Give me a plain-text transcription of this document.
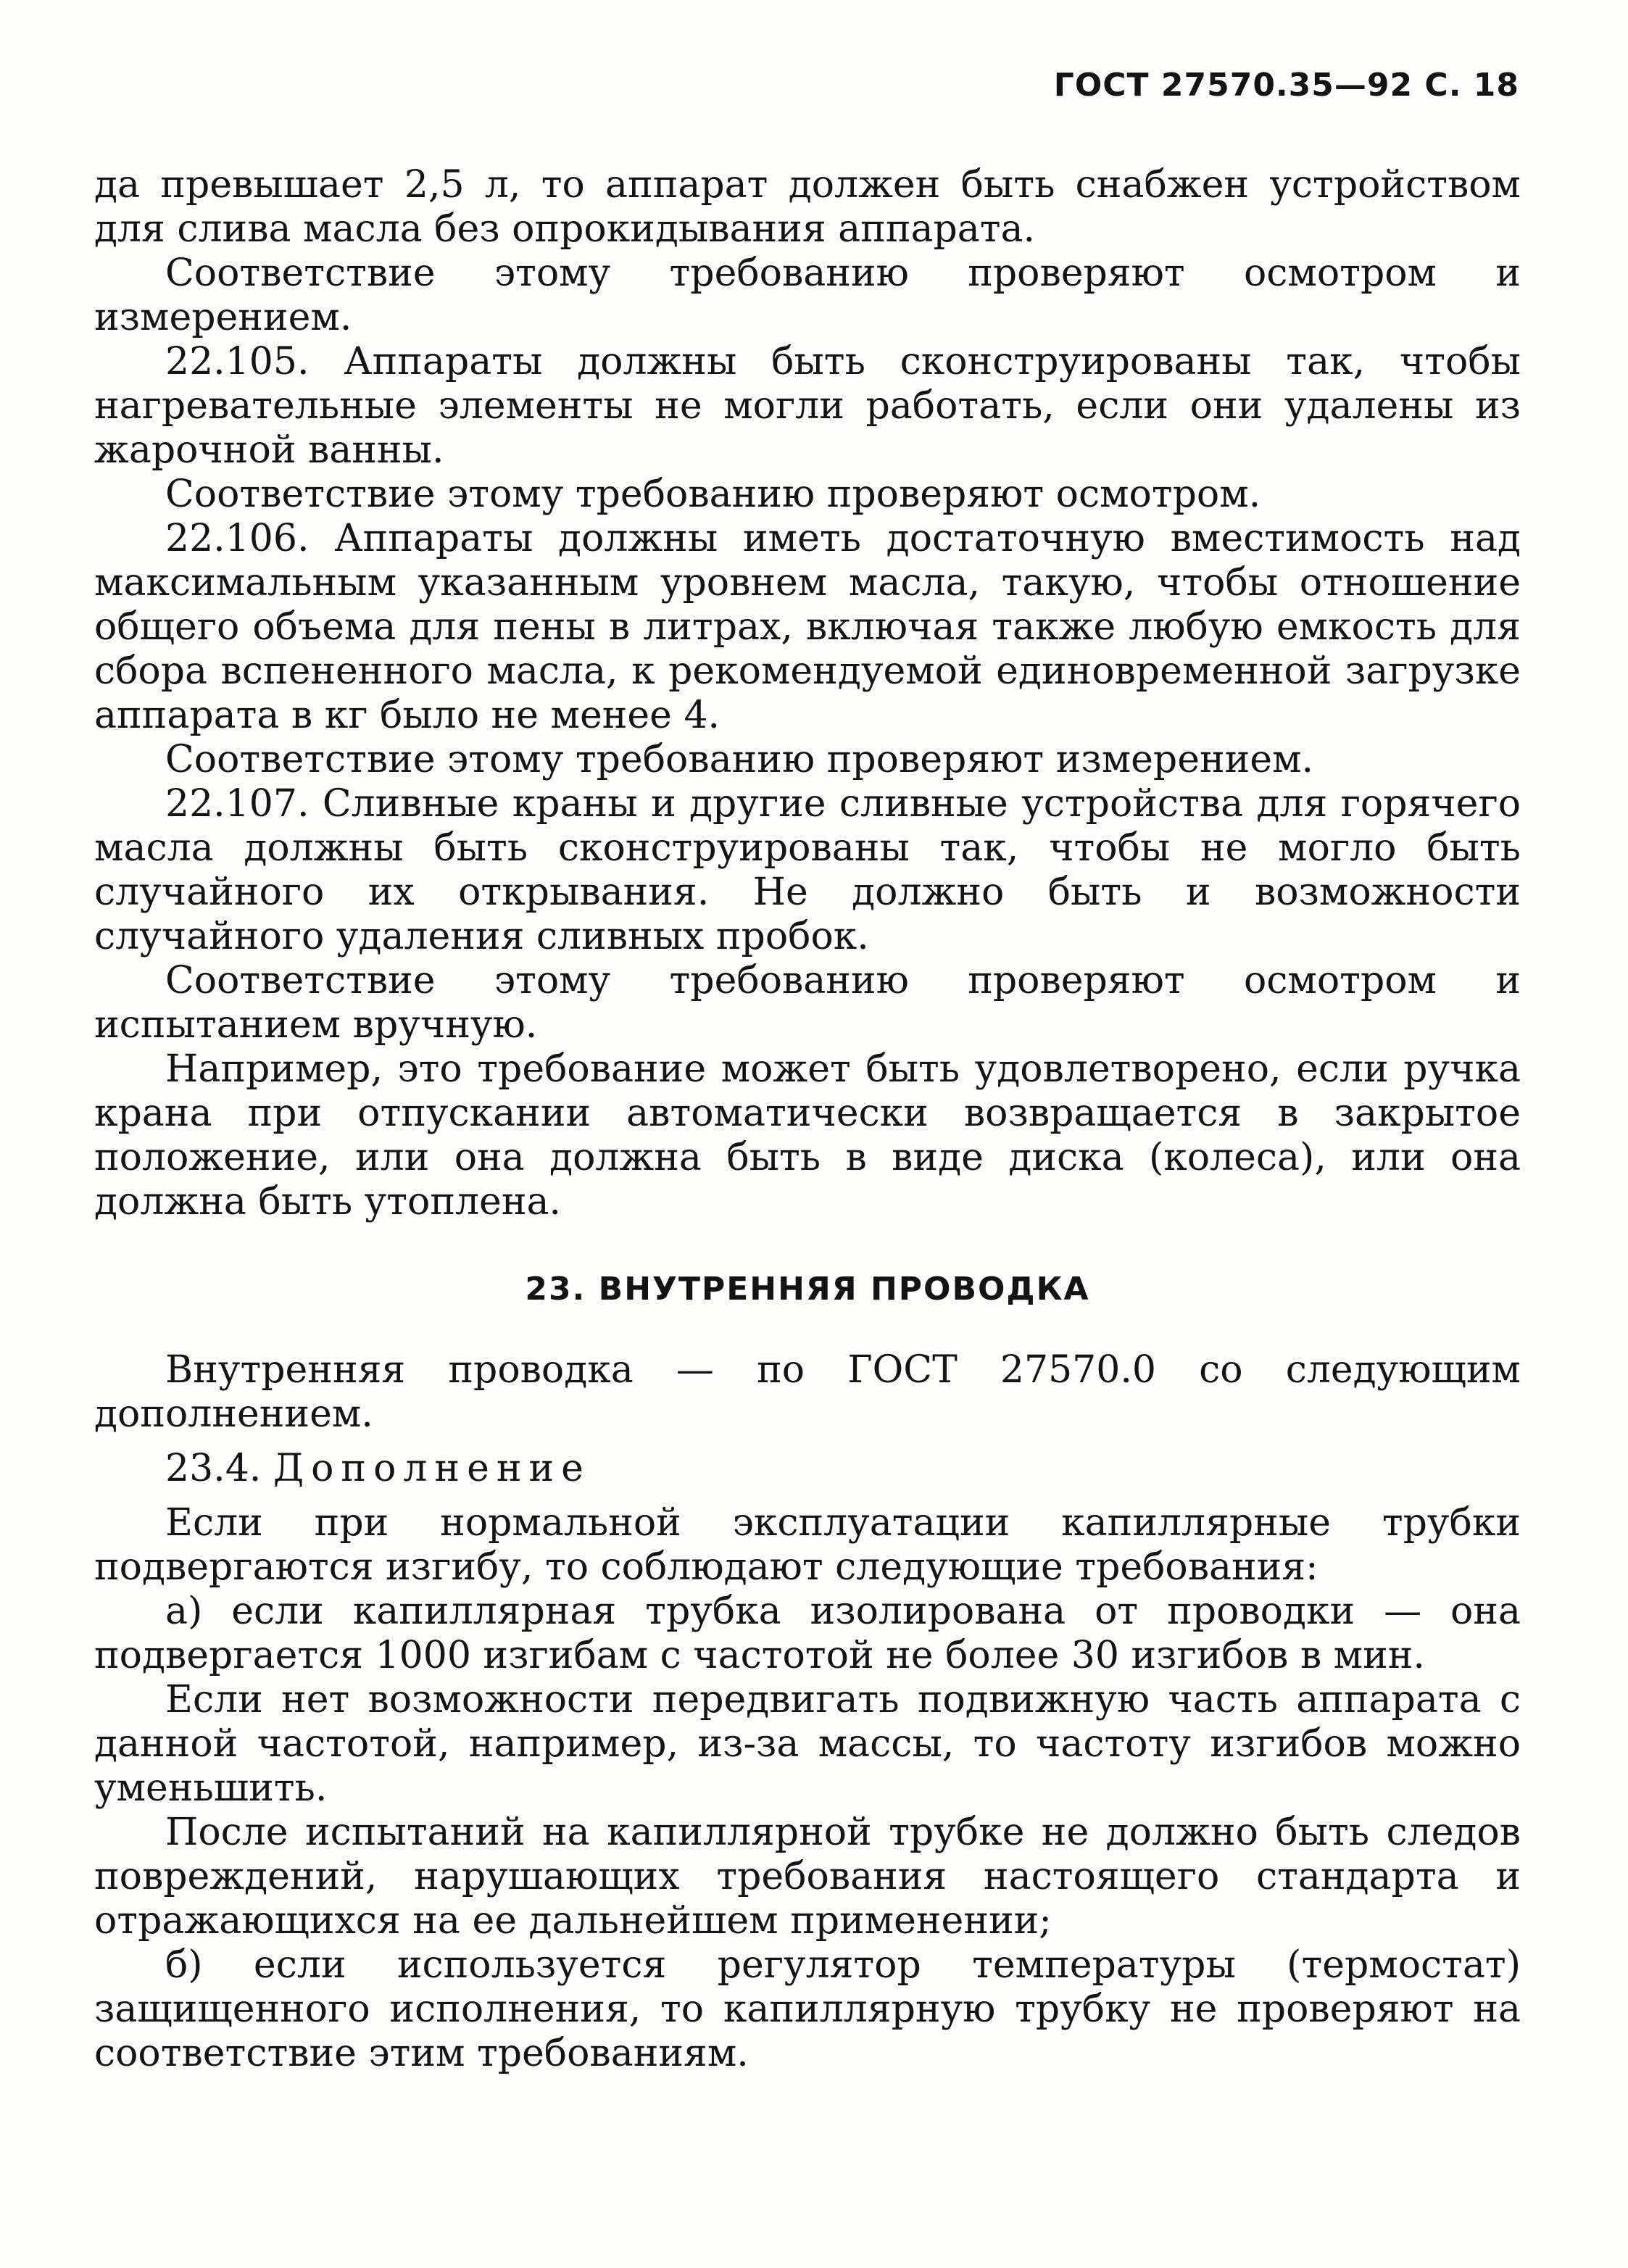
ГОСТ 27570.35—92 С. 18

да превышает 2,5 л, то аппарат должен быть снабжен устройством для слива масла без опрокидывания аппарата.

Соответствие этому требованию проверяют осмотром и измерением.

22.105. Аппараты должны быть сконструированы так, чтобы нагревательные элементы не могли работать, если они удалены из жарочной ванны.

Соответствие этому требованию проверяют осмотром.

22.106. Аппараты должны иметь достаточную вместимость над максимальным указанным уровнем масла, такую, чтобы отношение общего объема для пены в литрах, включая также любую емкость для сбора вспененного масла, к рекомендуемой единовременной загрузке аппарата в кг было не менее 4.

Соответствие этому требованию проверяют измерением.

22.107. Сливные краны и другие сливные устройства для горячего масла должны быть сконструированы так, чтобы не могло быть случайного их открывания. Не должно быть и возможности случайного удаления сливных пробок.

Соответствие этому требованию проверяют осмотром и испытанием вручную.

Например, это требование может быть удовлетворено, если ручка крана при отпускании автоматически возвращается в закрытое положение, или она должна быть в виде диска (колеса), или она должна быть утоплена.

23. ВНУТРЕННЯЯ ПРОВОДКА

Внутренняя проводка — по ГОСТ 27570.0 со следующим дополнением.

23.4. Дополнение

Если при нормальной эксплуатации капиллярные трубки подвергаются изгибу, то соблюдают следующие требования:

а) если капиллярная трубка изолирована от проводки — она подвергается 1000 изгибам с частотой не более 30 изгибов в мин.

Если нет возможности передвигать подвижную часть аппарата с данной частотой, например, из-за массы, то частоту изгибов можно уменьшить.

После испытаний на капиллярной трубке не должно быть следов повреждений, нарушающих требования настоящего стандарта и отражающихся на ее дальнейшем применении;

б) если используется регулятор температуры (термостат) защищенного исполнения, то капиллярную трубку не проверяют на соответствие этим требованиям.
